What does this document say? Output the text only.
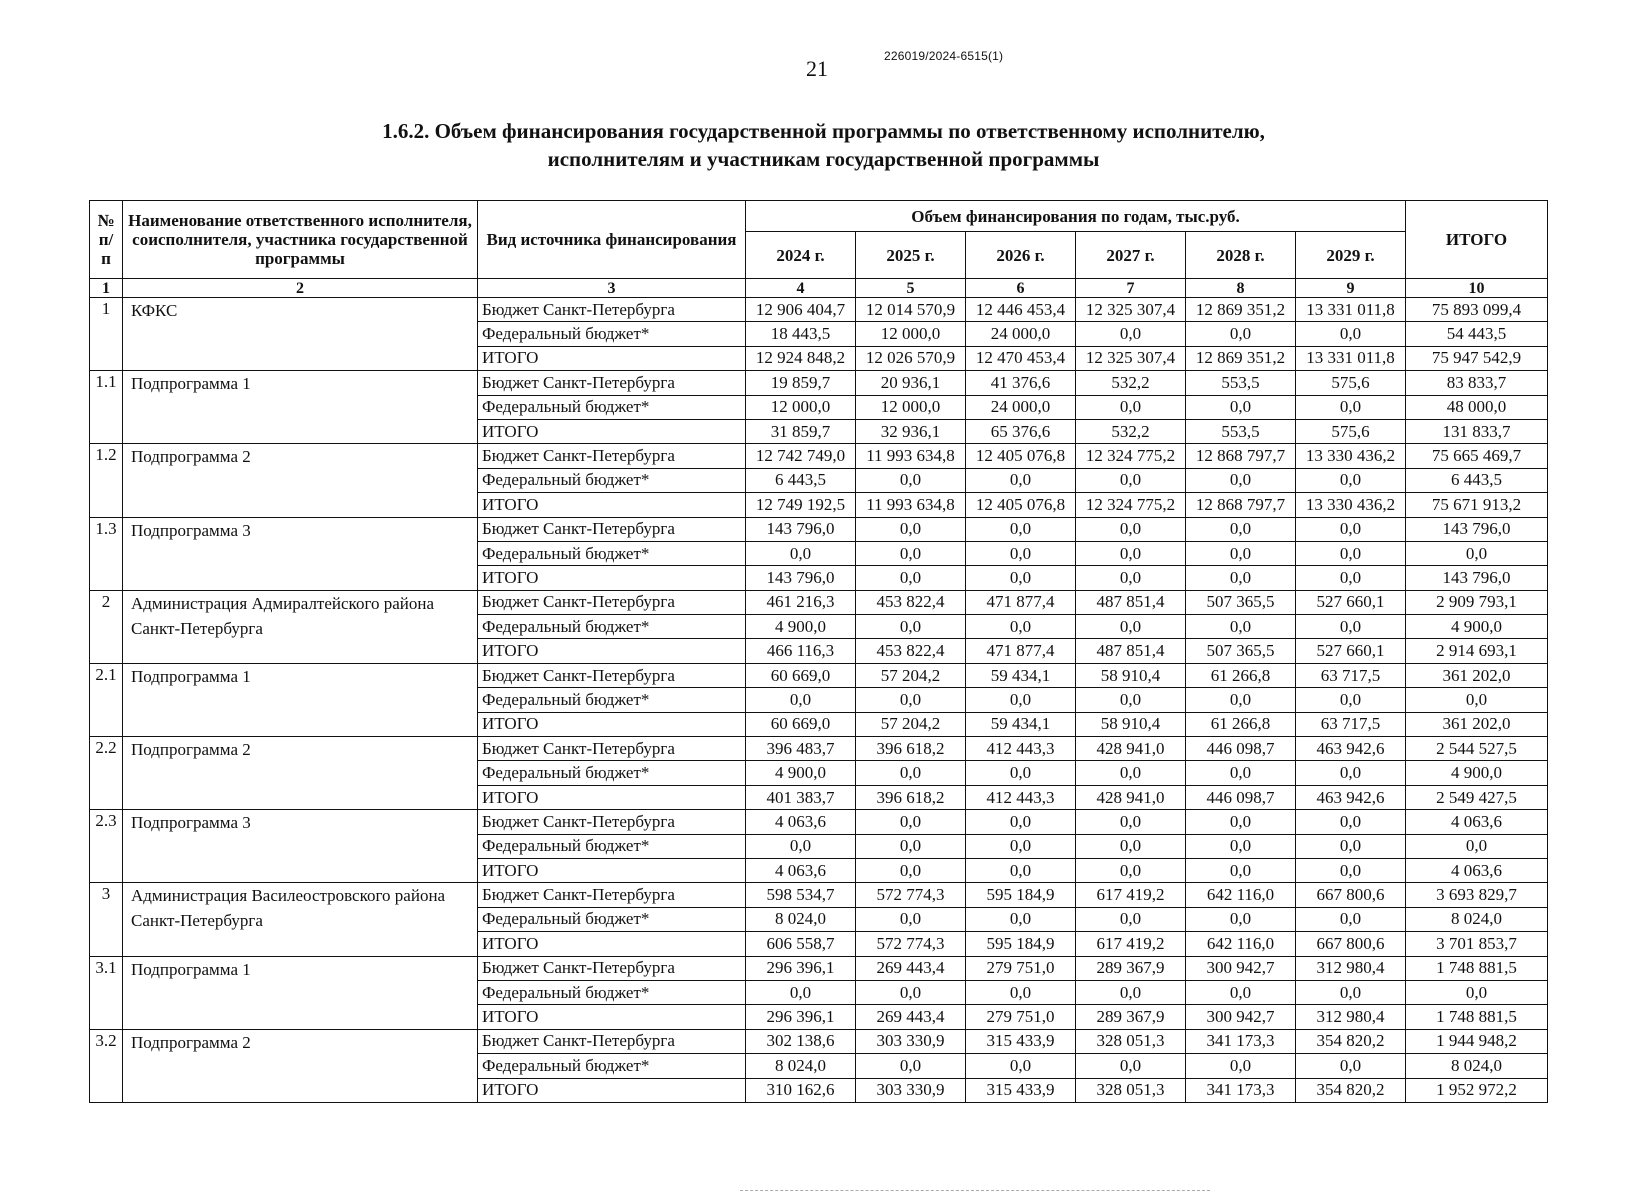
21	226019/2024-6515(1)
1.6.2. Объем финансирования государственной программы по ответственному исполнителю,
исполнителям и участникам государственной программы
№ п/п	Наименование ответственного исполнителя, соисполнителя, участника государственной программы	Вид источника финансирования	Объем финансирования по годам, тыс.руб.						ИТОГО
			2024 г.	2025 г.	2026 г.	2027 г.	2028 г.	2029 г.	
1	2	3	4	5	6	7	8	9	10
1	КФКС	Бюджет Санкт-Петербурга	12 906 404,7	12 014 570,9	12 446 453,4	12 325 307,4	12 869 351,2	13 331 011,8	75 893 099,4
		Федеральный бюджет*	18 443,5	12 000,0	24 000,0	0,0	0,0	0,0	54 443,5
		ИТОГО	12 924 848,2	12 026 570,9	12 470 453,4	12 325 307,4	12 869 351,2	13 331 011,8	75 947 542,9
1.1	Подпрограмма 1	Бюджет Санкт-Петербурга	19 859,7	20 936,1	41 376,6	532,2	553,5	575,6	83 833,7
		Федеральный бюджет*	12 000,0	12 000,0	24 000,0	0,0	0,0	0,0	48 000,0
		ИТОГО	31 859,7	32 936,1	65 376,6	532,2	553,5	575,6	131 833,7
1.2	Подпрограмма 2	Бюджет Санкт-Петербурга	12 742 749,0	11 993 634,8	12 405 076,8	12 324 775,2	12 868 797,7	13 330 436,2	75 665 469,7
		Федеральный бюджет*	6 443,5	0,0	0,0	0,0	0,0	0,0	6 443,5
		ИТОГО	12 749 192,5	11 993 634,8	12 405 076,8	12 324 775,2	12 868 797,7	13 330 436,2	75 671 913,2
1.3	Подпрограмма 3	Бюджет Санкт-Петербурга	143 796,0	0,0	0,0	0,0	0,0	0,0	143 796,0
		Федеральный бюджет*	0,0	0,0	0,0	0,0	0,0	0,0	0,0
		ИТОГО	143 796,0	0,0	0,0	0,0	0,0	0,0	143 796,0
2	Администрация Адмиралтейского района Санкт-Петербурга	Бюджет Санкт-Петербурга	461 216,3	453 822,4	471 877,4	487 851,4	507 365,5	527 660,1	2 909 793,1
		Федеральный бюджет*	4 900,0	0,0	0,0	0,0	0,0	0,0	4 900,0
		ИТОГО	466 116,3	453 822,4	471 877,4	487 851,4	507 365,5	527 660,1	2 914 693,1
2.1	Подпрограмма 1	Бюджет Санкт-Петербурга	60 669,0	57 204,2	59 434,1	58 910,4	61 266,8	63 717,5	361 202,0
		Федеральный бюджет*	0,0	0,0	0,0	0,0	0,0	0,0	0,0
		ИТОГО	60 669,0	57 204,2	59 434,1	58 910,4	61 266,8	63 717,5	361 202,0
2.2	Подпрограмма 2	Бюджет Санкт-Петербурга	396 483,7	396 618,2	412 443,3	428 941,0	446 098,7	463 942,6	2 544 527,5
		Федеральный бюджет*	4 900,0	0,0	0,0	0,0	0,0	0,0	4 900,0
		ИТОГО	401 383,7	396 618,2	412 443,3	428 941,0	446 098,7	463 942,6	2 549 427,5
2.3	Подпрограмма 3	Бюджет Санкт-Петербурга	4 063,6	0,0	0,0	0,0	0,0	0,0	4 063,6
		Федеральный бюджет*	0,0	0,0	0,0	0,0	0,0	0,0	0,0
		ИТОГО	4 063,6	0,0	0,0	0,0	0,0	0,0	4 063,6
3	Администрация Василеостровского района Санкт-Петербурга	Бюджет Санкт-Петербурга	598 534,7	572 774,3	595 184,9	617 419,2	642 116,0	667 800,6	3 693 829,7
		Федеральный бюджет*	8 024,0	0,0	0,0	0,0	0,0	0,0	8 024,0
		ИТОГО	606 558,7	572 774,3	595 184,9	617 419,2	642 116,0	667 800,6	3 701 853,7
3.1	Подпрограмма 1	Бюджет Санкт-Петербурга	296 396,1	269 443,4	279 751,0	289 367,9	300 942,7	312 980,4	1 748 881,5
		Федеральный бюджет*	0,0	0,0	0,0	0,0	0,0	0,0	0,0
		ИТОГО	296 396,1	269 443,4	279 751,0	289 367,9	300 942,7	312 980,4	1 748 881,5
3.2	Подпрограмма 2	Бюджет Санкт-Петербурга	302 138,6	303 330,9	315 433,9	328 051,3	341 173,3	354 820,2	1 944 948,2
		Федеральный бюджет*	8 024,0	0,0	0,0	0,0	0,0	0,0	8 024,0
		ИТОГО	310 162,6	303 330,9	315 433,9	328 051,3	341 173,3	354 820,2	1 952 972,2
